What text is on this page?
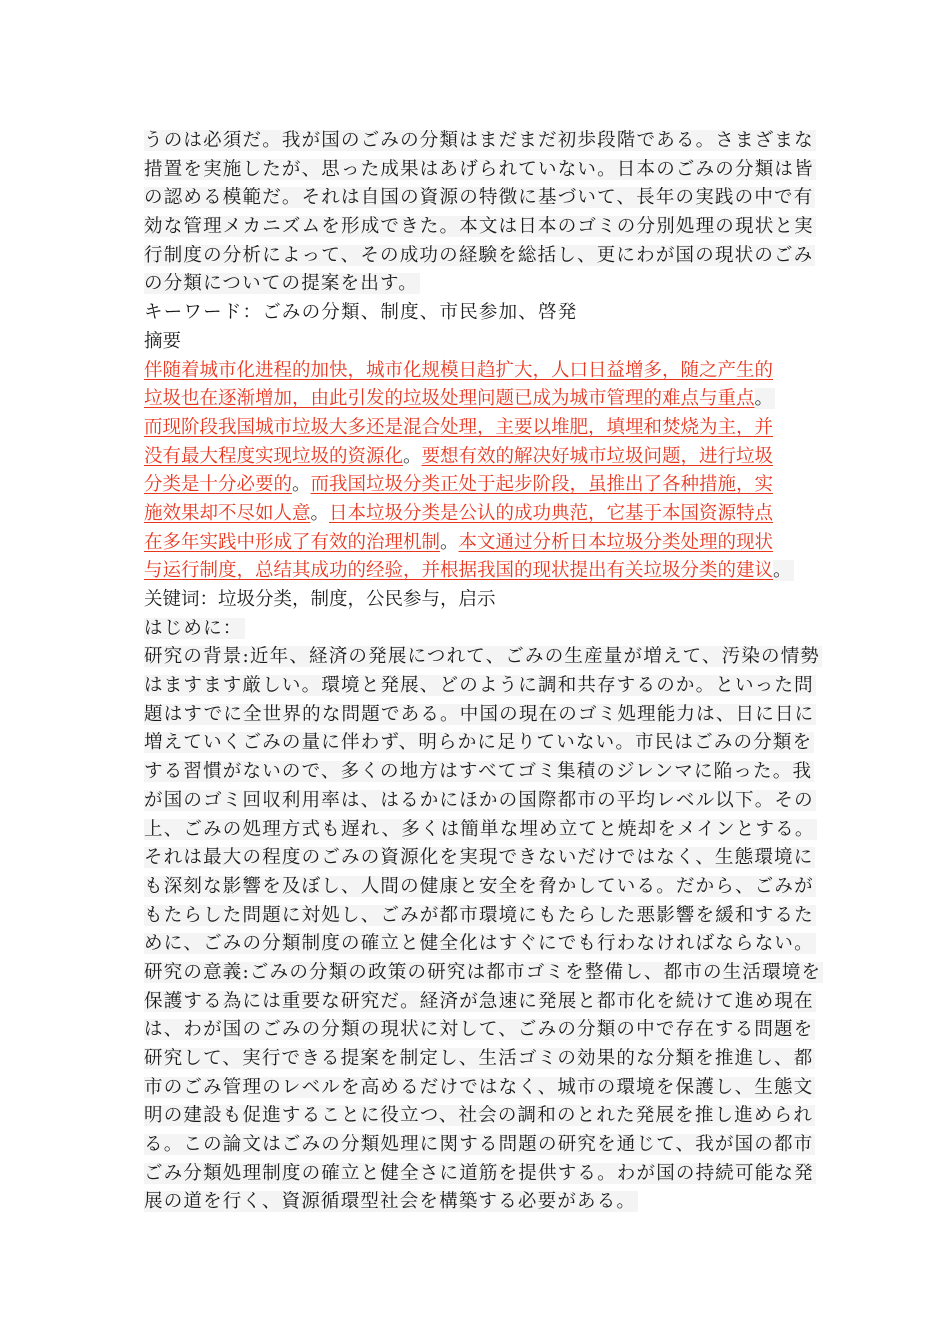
うのは必須だ。我が国のごみの分類はまだまだ初歩段階である。さまざまな
措置を実施したが、思った成果はあげられていない。日本のごみの分類は皆
の認める模範だ。それは自国の資源の特徴に基づいて、長年の実践の中で有
効な管理メカニズムを形成できた。本文は日本のゴミの分別処理の現状と実
行制度の分析によって、その成功の経験を総括し、更にわが国の現状のごみ
の分類についての提案を出す。
キーワード：ごみの分類、制度、市民参加、啓発
摘要
伴随着城市化进程的加快，城市化规模日趋扩大，人口日益增多，随之产生的
垃圾也在逐渐增加，由此引发的垃圾处理问题已成为城市管理的难点与重点。
而现阶段我国城市垃圾大多还是混合处理，主要以堆肥，填埋和焚烧为主，并
没有最大程度实现垃圾的资源化。要想有效的解决好城市垃圾问题，进行垃圾
分类是十分必要的。而我国垃圾分类正处于起步阶段，虽推出了各种措施，实
施效果却不尽如人意。日本垃圾分类是公认的成功典范，它基于本国资源特点
在多年实践中形成了有效的治理机制。本文通过分析日本垃圾分类处理的现状
与运行制度，总结其成功的经验，并根据我国的现状提出有关垃圾分类的建议。
关键词：垃圾分类，制度，公民参与，启示
はじめに：
研究の背景:近年、経済の発展につれて、ごみの生産量が増えて、汚染の情勢
はますます厳しい。環境と発展、どのように調和共存するのか。といった問
題はすでに全世界的な問題である。中国の現在のゴミ処理能力は、日に日に
増えていくごみの量に伴わず、明らかに足りていない。市民はごみの分類を
する習慣がないので、多くの地方はすべてゴミ集積のジレンマに陥った。我
が国のゴミ回収利用率は、はるかにほかの国際都市の平均レベル以下。その
上、ごみの処理方式も遅れ、多くは簡単な埋め立てと焼却をメインとする。
それは最大の程度のごみの資源化を実現できないだけではなく、生態環境に
も深刻な影響を及ぼし、人間の健康と安全を脅かしている。だから、ごみが
もたらした問題に対処し、ごみが都市環境にもたらした悪影響を緩和するた
めに、ごみの分類制度の確立と健全化はすぐにでも行わなければならない。
研究の意義:ごみの分類の政策の研究は都市ゴミを整備し、都市の生活環境を
保護する為には重要な研究だ。経済が急速に発展と都市化を続けて進め現在
は、わが国のごみの分類の現状に対して、ごみの分類の中で存在する問題を
研究して、実行できる提案を制定し、生活ゴミの効果的な分類を推進し、都
市のごみ管理のレベルを高めるだけではなく、城市の環境を保護し、生態文
明の建設も促進することに役立つ、社会の調和のとれた発展を推し進められ
る。この論文はごみの分類処理に関する問題の研究を通じて、我が国の都市
ごみ分類処理制度の確立と健全さに道筋を提供する。わが国の持続可能な発
展の道を行く、資源循環型社会を構築する必要がある。
